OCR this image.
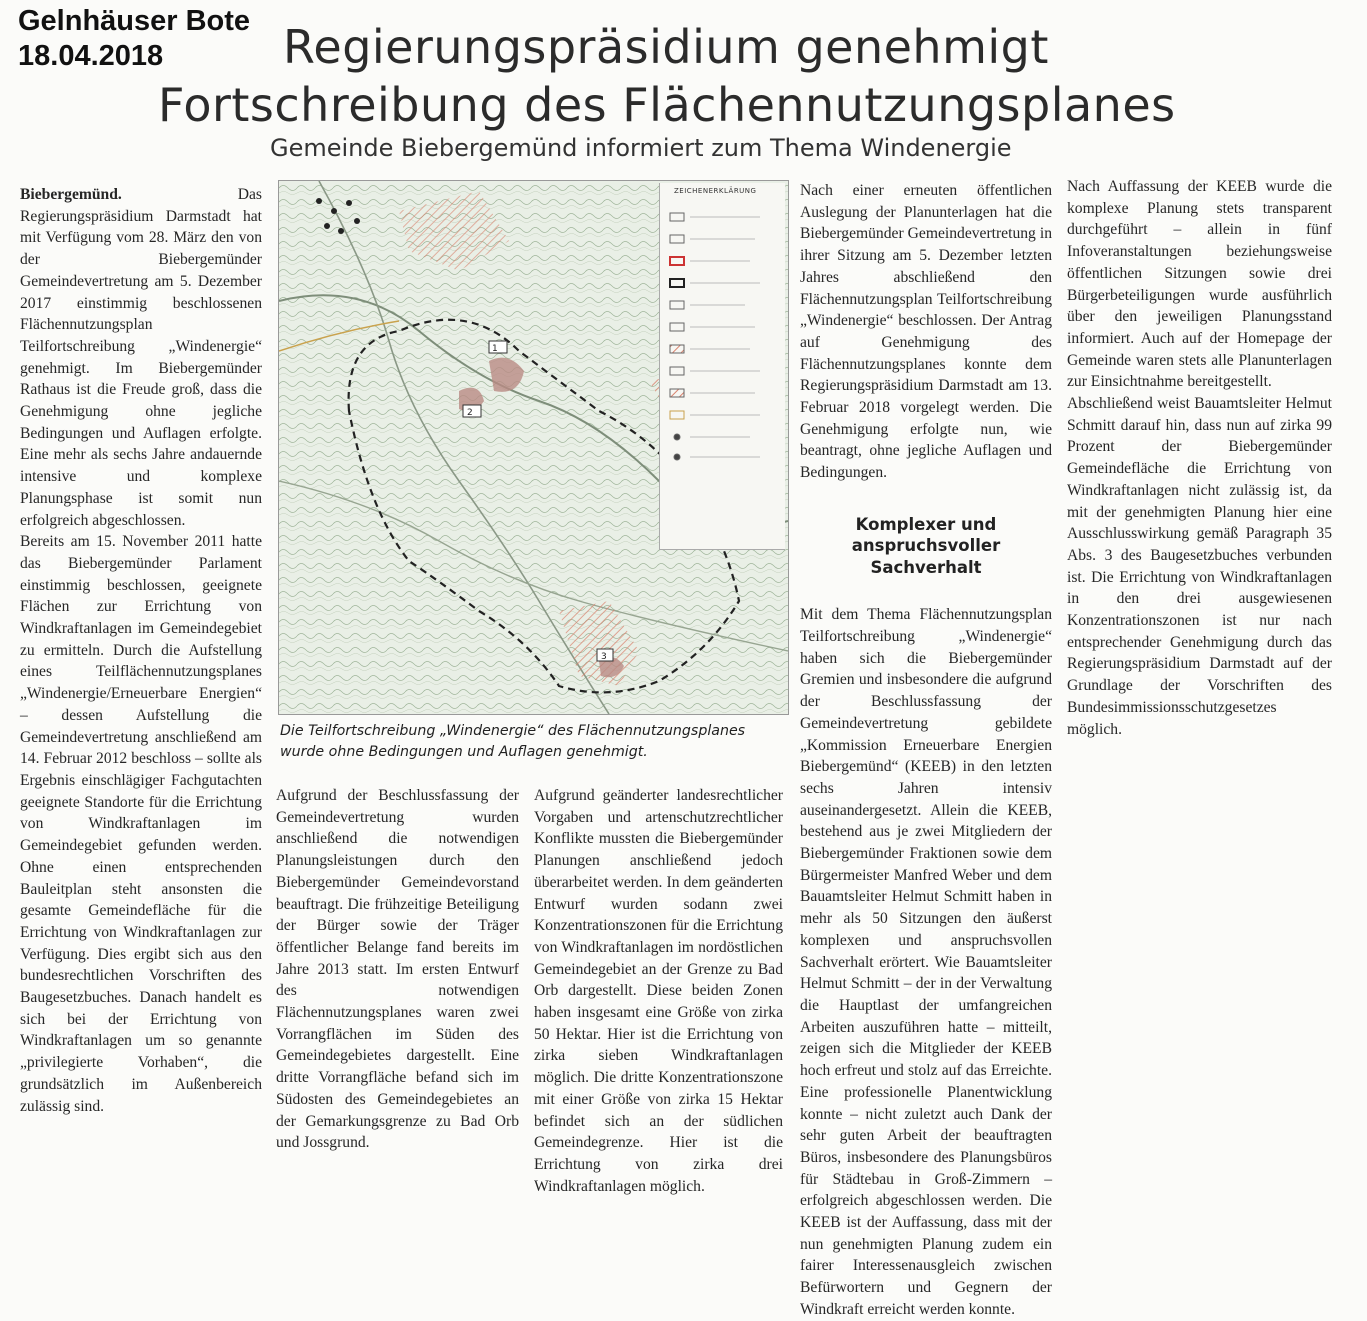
Gelnhäuser Bote
18.04.2018	Regierungspräsidium genehmigt
Fortschreibung des Flächennutzungsplanes
Gemeinde Biebergemünd informiert zum Thema Windenergie

Biebergemünd.	Das Regierungspräsidium Darmstadt hat mit Verfügung vom 28. März den von der Biebergemünder Gemeindevertretung am 5. Dezember 2017 einstimmig beschlossenen Flächennutzungsplan Teilfortschreibung „Windenergie“ genehmigt. Im Biebergemünder Rathaus ist die Freude groß, dass die Genehmigung ohne jegliche Bedingungen und Auflagen erfolgte. Eine mehr als sechs Jahre andauernde intensive und komplexe Planungsphase ist somit nun erfolgreich abgeschlossen.

Bereits am 15. November 2011 hatte das Biebergemünder Parlament einstimmig beschlossen, geeignete Flächen zur Errichtung von Windkraftanlagen im Gemeindegebiet zu ermitteln. Durch die Aufstellung eines Teilflächennutzungsplanes „Windenergie/Erneuerbare Energien“ – dessen Aufstellung die Gemeindevertretung anschließend am 14. Februar 2012 beschloss – sollte als Ergebnis einschlägiger Fachgutachten geeignete Standorte für die Errichtung von Windkraftanlagen im Gemeindegebiet gefunden werden. Ohne einen entsprechenden Bauleitplan steht ansonsten die gesamte Gemeindefläche für die Errichtung von Windkraftanlagen zur Verfügung. Dies ergibt sich aus den bundesrechtlichen Vorschriften des Baugesetzbuches. Danach handelt es sich bei der Errichtung von Windkraftanlagen um so genannte „privilegierte Vorhaben“, die grundsätzlich im Außenbereich zulässig sind.

1
2
3
ZEICHENERKLÄRUNG
Die Teilfortschreibung „Windenergie“ des Flächennutzungsplanes wurde ohne Bedingungen und Auflagen genehmigt.

Aufgrund der Beschlussfassung der Gemeindevertretung wurden anschließend die notwendigen Planungsleistungen durch den Biebergemünder Gemeindevorstand beauftragt. Die frühzeitige Beteiligung der Bürger sowie der Träger öffentlicher Belange fand bereits im Jahre 2013 statt. Im ersten Entwurf des notwendigen Flächennutzungsplanes waren zwei Vorrangflächen im Süden des Gemeindegebietes dargestellt. Eine dritte Vorrangfläche befand sich im Südosten des Gemeindegebietes an der Gemarkungsgrenze zu Bad Orb und Jossgrund.

Aufgrund geänderter landesrechtlicher Vorgaben und artenschutzrechtlicher Konflikte mussten die Biebergemünder Planungen anschließend jedoch überarbeitet werden. In dem geänderten Entwurf wurden sodann zwei Konzentrationszonen für die Errichtung von Windkraftanlagen im nordöstlichen Gemeindegebiet an der Grenze zu Bad Orb dargestellt. Diese beiden Zonen haben insgesamt eine Größe von zirka 50 Hektar. Hier ist die Errichtung von zirka sieben Windkraftanlagen möglich. Die dritte Konzentrationszone mit einer Größe von zirka 15 Hektar befindet sich an der südlichen Gemeindegrenze. Hier ist die Errichtung von zirka drei Windkraftanlagen möglich.

Nach einer erneuten öffentlichen Auslegung der Planunterlagen hat die Biebergemünder Gemeindevertretung in ihrer Sitzung am 5. Dezember letzten Jahres abschließend den Flächennutzungsplan Teilfortschreibung „Windenergie“ beschlossen. Der Antrag auf Genehmigung des Flächennutzungsplanes konnte dem Regierungspräsidium Darmstadt am 13. Februar 2018 vorgelegt werden. Die Genehmigung erfolgte nun, wie beantragt, ohne jegliche Auflagen und Bedingungen.

Komplexer und anspruchsvoller Sachverhalt

Mit dem Thema Flächennutzungsplan Teilfortschreibung „Windenergie“ haben sich die Biebergemünder Gremien und insbesondere die aufgrund der Beschlussfassung der Gemeindevertretung gebildete „Kommission Erneuerbare Energien Biebergemünd“ (KEEB) in den letzten sechs Jahren intensiv auseinandergesetzt. Allein die KEEB, bestehend aus je zwei Mitgliedern der Biebergemünder Fraktionen sowie dem Bürgermeister Manfred Weber und dem Bauamtsleiter Helmut Schmitt haben in mehr als 50 Sitzungen den äußerst komplexen und anspruchsvollen Sachverhalt erörtert. Wie Bauamtsleiter Helmut Schmitt – der in der Verwaltung die Hauptlast der umfangreichen Arbeiten auszuführen hatte – mitteilt, zeigen sich die Mitglieder der KEEB hoch erfreut und stolz auf das Erreichte. Eine professionelle Planentwicklung konnte – nicht zuletzt auch Dank der sehr guten Arbeit der beauftragten Büros, insbesondere des Planungsbüros für Städtebau in Groß-Zimmern – erfolgreich abgeschlossen werden. Die KEEB ist der Auffassung, dass mit der nun genehmigten Planung zudem ein fairer Interessenausgleich zwischen Befürwortern und Gegnern der Windkraft erreicht werden konnte.

Nach Auffassung der KEEB wurde die komplexe Planung stets transparent durchgeführt – allein in fünf Infoveranstaltungen beziehungsweise öffentlichen Sitzungen sowie drei Bürgerbeteiligungen wurde ausführlich über den jeweiligen Planungsstand informiert. Auch auf der Homepage der Gemeinde waren stets alle Planunterlagen zur Einsichtnahme bereitgestellt.

Abschließend weist Bauamtsleiter Helmut Schmitt darauf hin, dass nun auf zirka 99 Prozent der Biebergemünder Gemeindefläche die Errichtung von Windkraftanlagen nicht zulässig ist, da mit der genehmigten Planung hier eine Ausschlusswirkung gemäß Paragraph 35 Abs. 3 des Baugesetzbuches verbunden ist. Die Errichtung von Windkraftanlagen in den drei ausgewiesenen Konzentrationszonen ist nur nach entsprechender Genehmigung durch das Regierungspräsidium Darmstadt auf der Grundlage der Vorschriften des Bundesimmissionsschutzgesetzes möglich.
